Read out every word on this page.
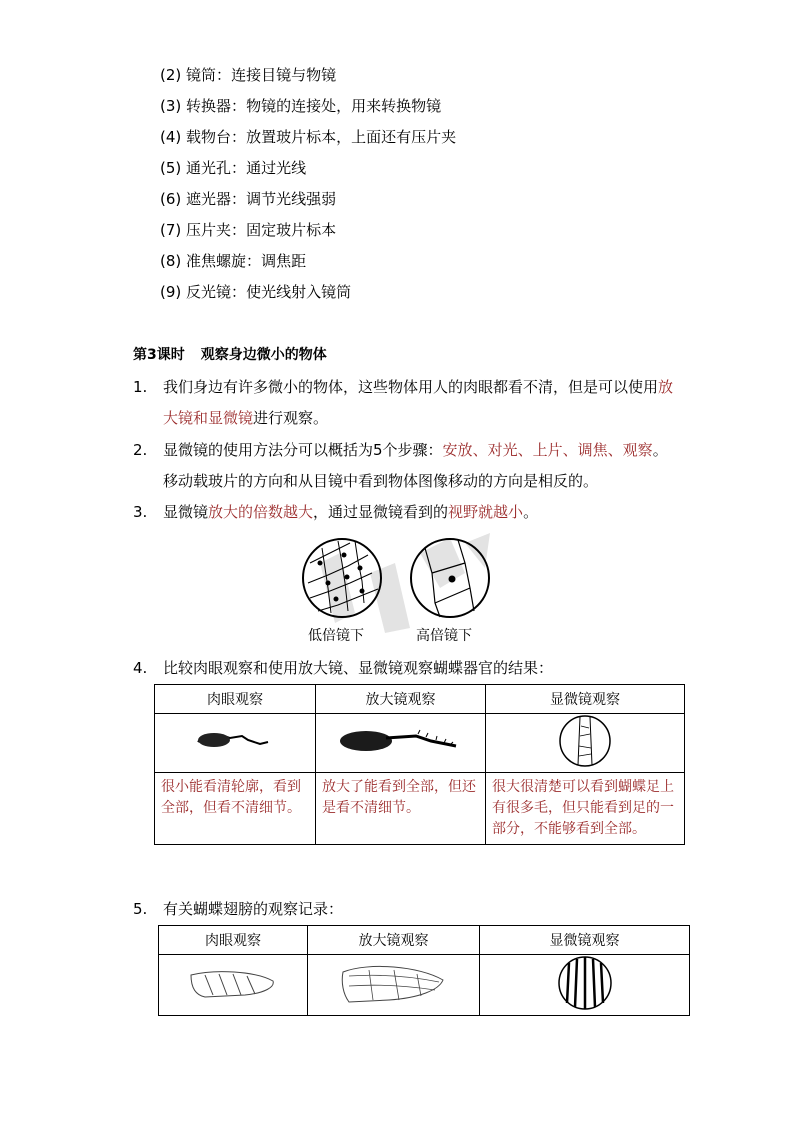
(2) 镜筒：连接目镜与物镜
(3) 转换器：物镜的连接处，用来转换物镜
(4) 载物台：放置玻片标本，上面还有压片夹
(5) 通光孔：通过光线
(6) 遮光器：调节光线强弱
(7) 压片夹：固定玻片标本
(8) 准焦螺旋：调焦距
(9) 反光镜：使光线射入镜筒
第3课时 观察身边微小的物体
1.	我们身边有许多微小的物体，这些物体用人的肉眼都看不清，但是可以使用放大镜和显微镜进行观察。
2.	显微镜的使用方法分可以概括为5个步骤：安放、对光、上片、调焦、观察。移动载玻片的方向和从目镜中看到物体图像移动的方向是相反的。
3.	显微镜放大的倍数越大，通过显微镜看到的视野就越小。
低倍镜下	高倍镜下
4.	比较肉眼观察和使用放大镜、显微镜观察蝴蝶器官的结果：
肉眼观察	放大镜观察	显微镜观察

很小能看清轮廓，看到全部，但看不清细节。	放大了能看到全部，但还是看不清细节。	很大很清楚可以看到蝴蝶足上有很多毛，但只能看到足的一部分，不能够看到全部。
5.	有关蝴蝶翅膀的观察记录：
肉眼观察	放大镜观察	显微镜观察
